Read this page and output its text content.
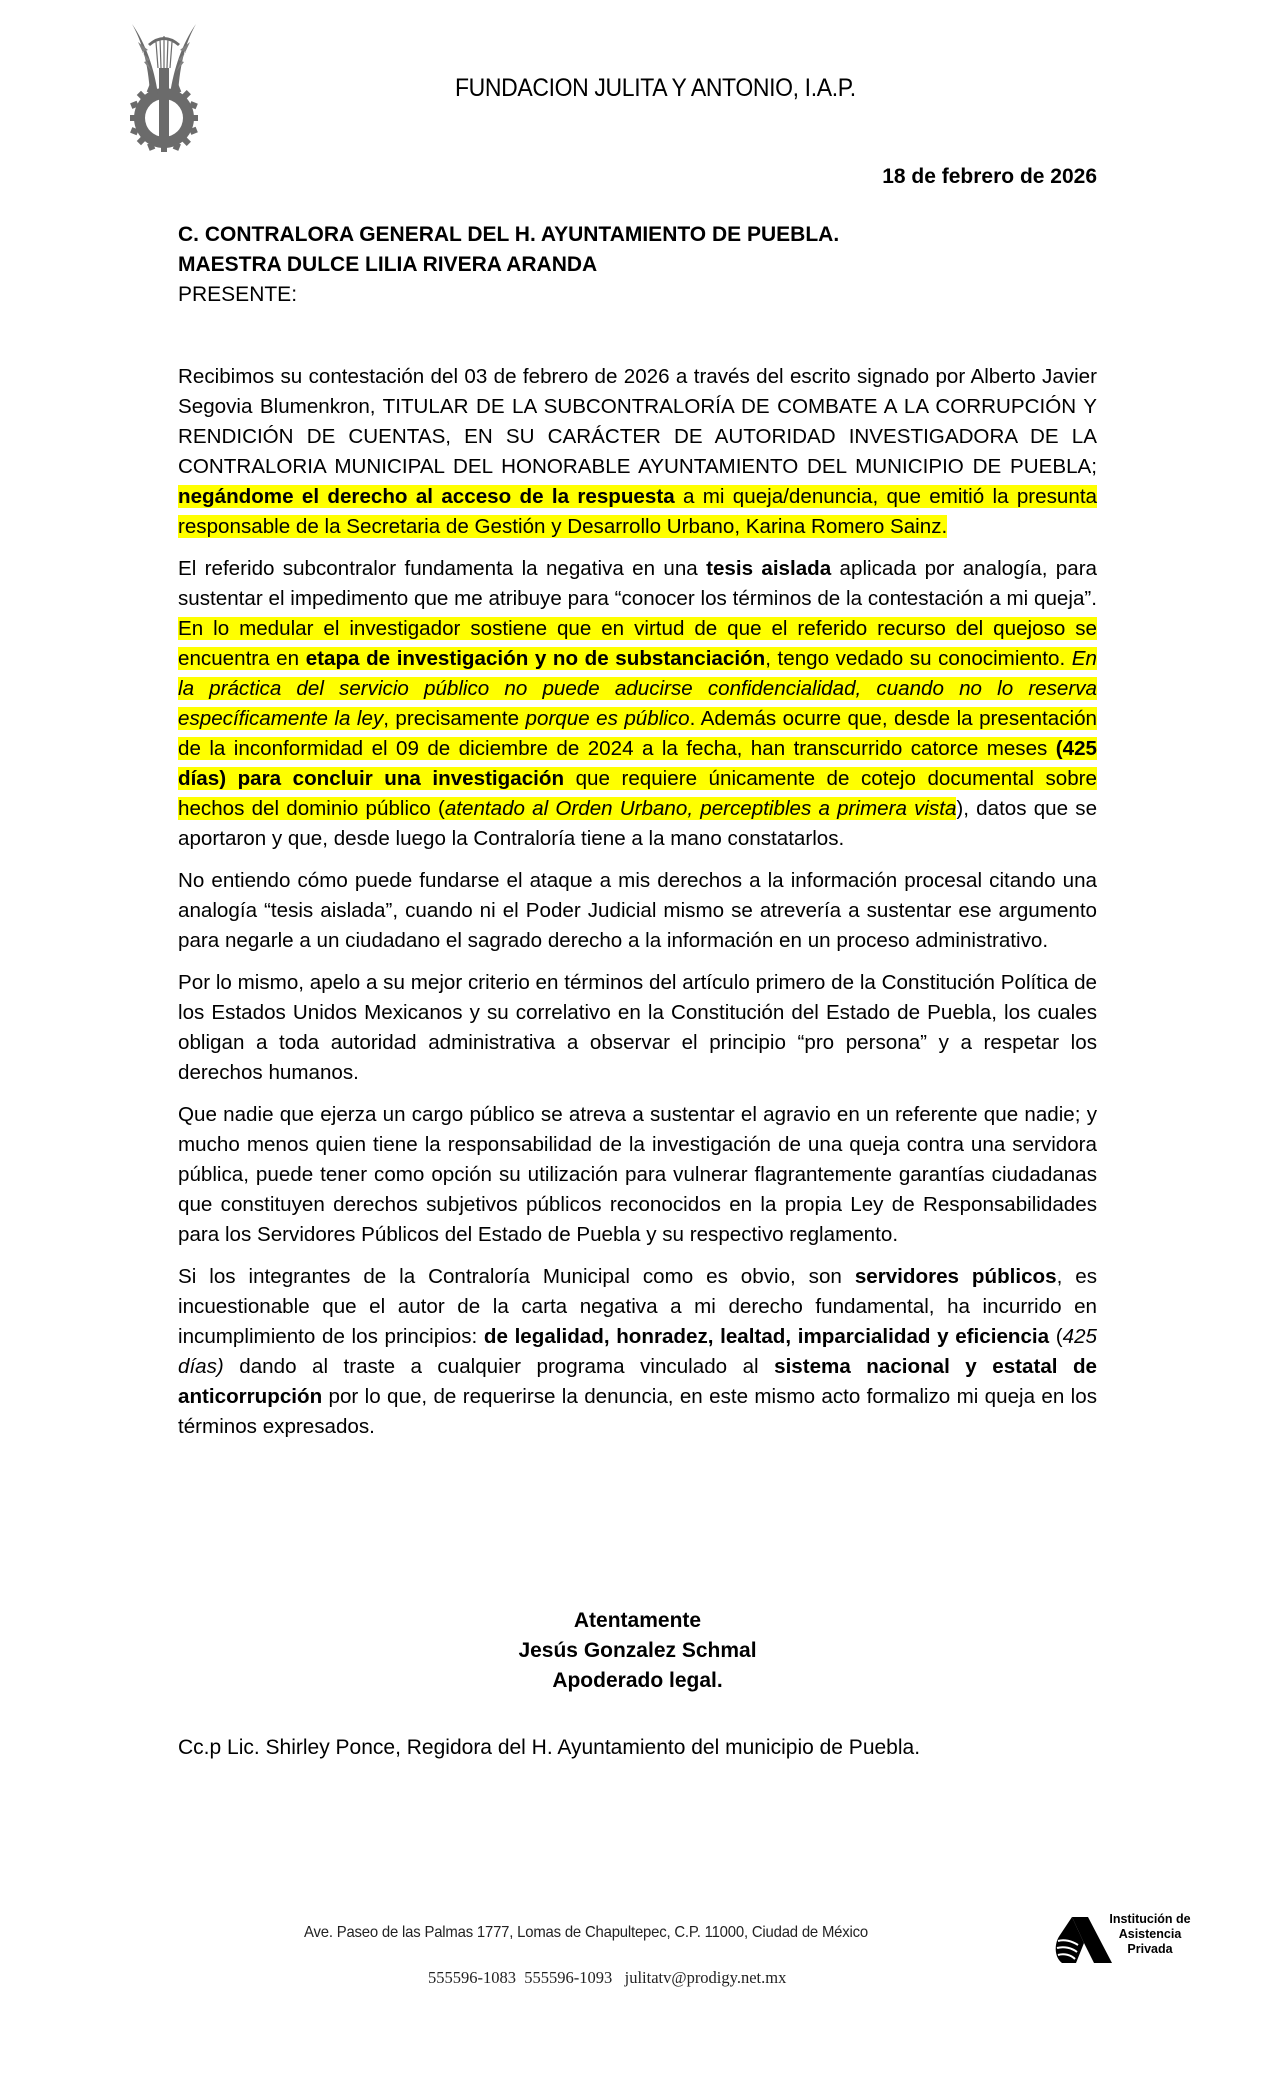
FUNDACION JULITA Y ANTONIO, I.A.P.
18 de febrero de 2026
C. CONTRALORA GENERAL DEL H. AYUNTAMIENTO DE PUEBLA.
MAESTRA DULCE LILIA RIVERA ARANDA
PRESENTE:

Recibimos su contestación del 03 de febrero de 2026 a través del escrito signado por Alberto Javier Segovia Blumenkron, TITULAR DE LA SUBCONTRALORÍA DE COMBATE A LA CORRUPCIÓN Y RENDICIÓN DE CUENTAS, EN SU CARÁCTER DE AUTORIDAD INVESTIGADORA DE LA CONTRALORIA MUNICIPAL DEL HONORABLE AYUNTAMIENTO DEL MUNICIPIO DE PUEBLA; negándome el derecho al acceso de la respuesta a mi queja/denuncia, que emitió la presunta responsable de la Secretaria de Gestión y Desarrollo Urbano, Karina Romero Sainz.

El referido subcontralor fundamenta la negativa en una tesis aislada aplicada por analogía, para sustentar el impedimento que me atribuye para “conocer los términos de la contestación a mi queja”. En lo medular el investigador sostiene que en virtud de que el referido recurso del quejoso se encuentra en etapa de investigación y no de substanciación, tengo vedado su conocimiento. En la práctica del servicio público no puede aducirse confidencialidad, cuando no lo reserva específicamente la ley, precisamente porque es público. Además ocurre que, desde la presentación de la inconformidad el 09 de diciembre de 2024 a la fecha, han transcurrido catorce meses (425 días) para concluir una investigación que requiere únicamente de cotejo documental sobre hechos del dominio público (atentado al Orden Urbano, perceptibles a primera vista), datos que se aportaron y que, desde luego la Contraloría tiene a la mano constatarlos.

No entiendo cómo puede fundarse el ataque a mis derechos a la información procesal citando una analogía “tesis aislada”, cuando ni el Poder Judicial mismo se atrevería a sustentar ese argumento para negarle a un ciudadano el sagrado derecho a la información en un proceso administrativo.

Por lo mismo, apelo a su mejor criterio en términos del artículo primero de la Constitución Política de los Estados Unidos Mexicanos y su correlativo en la Constitución del Estado de Puebla, los cuales obligan a toda autoridad administrativa a observar el principio “pro persona” y a respetar los derechos humanos.

Que nadie que ejerza un cargo público se atreva a sustentar el agravio en un referente que nadie; y mucho menos quien tiene la responsabilidad de la investigación de una queja contra una servidora pública, puede tener como opción su utilización para vulnerar flagrantemente garantías ciudadanas que constituyen derechos subjetivos públicos reconocidos en la propia Ley de Responsabilidades para los Servidores Públicos del Estado de Puebla y su respectivo reglamento.

Si los integrantes de la Contraloría Municipal como es obvio, son servidores públicos, es incuestionable que el autor de la carta negativa a mi derecho fundamental, ha incurrido en incumplimiento de los principios: de legalidad, honradez, lealtad, imparcialidad y eficiencia (425 días) dando al traste a cualquier programa vinculado al sistema nacional y estatal de anticorrupción por lo que, de requerirse la denuncia, en este mismo acto formalizo mi queja en los términos expresados.

Atentamente
Jesús Gonzalez Schmal
Apoderado legal.
Cc.p Lic. Shirley Ponce, Regidora del H. Ayuntamiento del municipio de Puebla.
Ave. Paseo de las Palmas 1777, Lomas de Chapultepec, C.P. 11000, Ciudad de México
555596-1083 555596-1093 julitatv@prodigy.net.mx
Institución de
Asistencia
Privada
